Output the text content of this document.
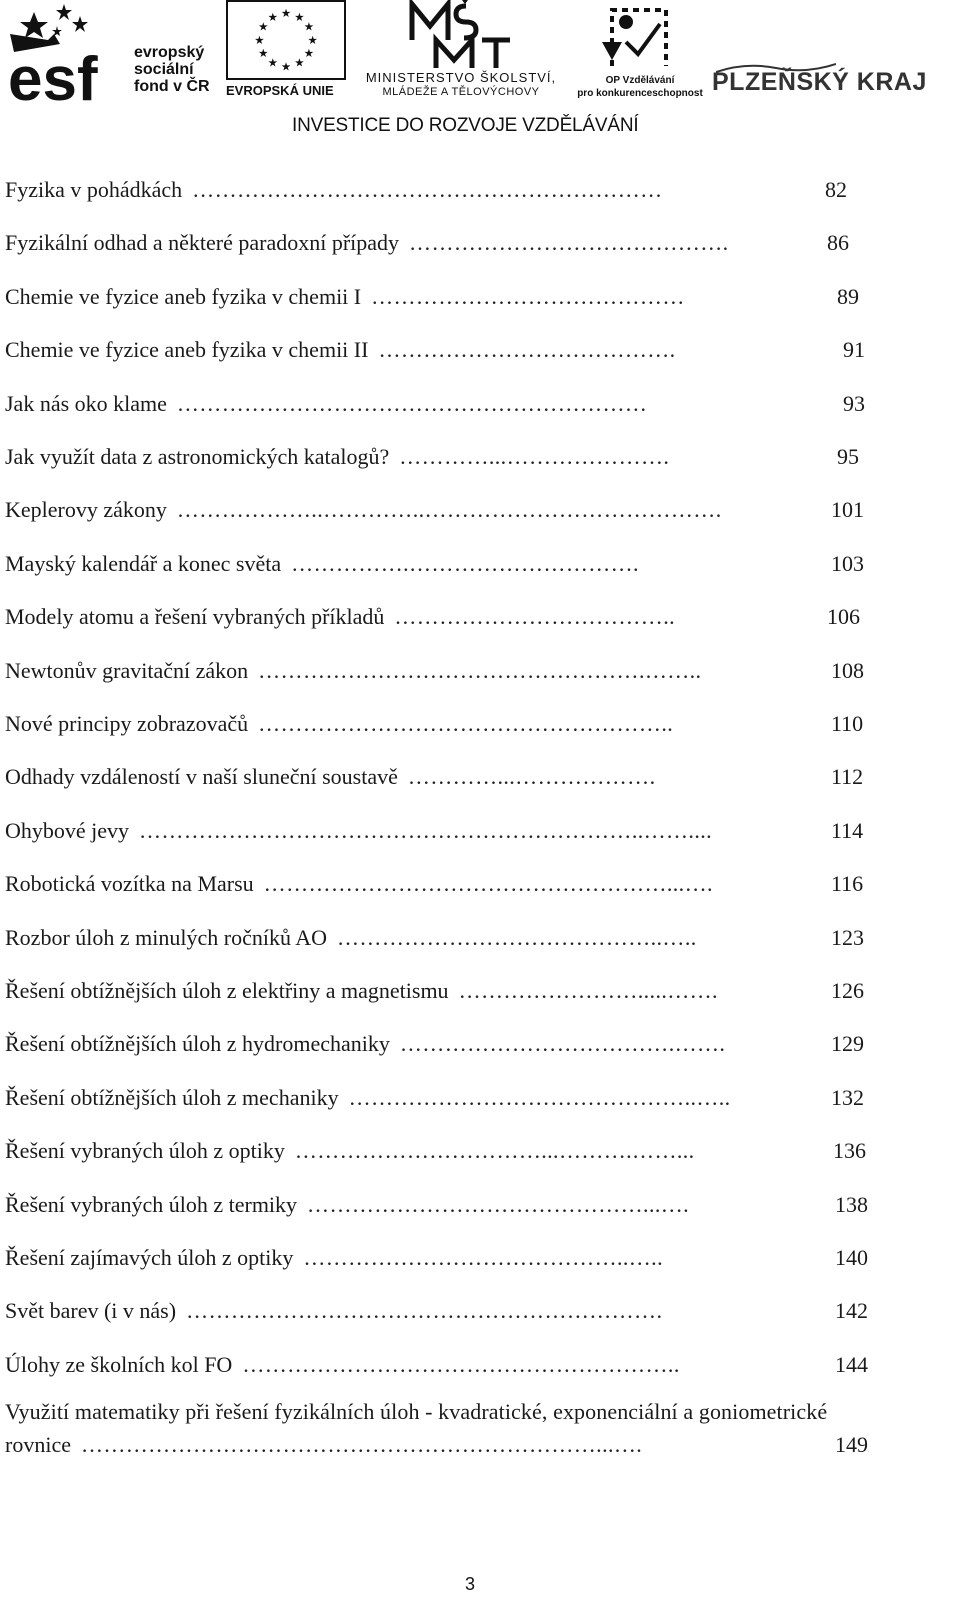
esf evropský
sociální
fond v ČR
★ ★
★
★
★
★
★
★
★
★
★
★
EVROPSKÁ UNIE
MINISTERSTVO ŠKOLSTVÍ,
MLÁDEŽE A TĚLOVÝCHOVY
OP Vzdělávání
pro konkurenceschopnost PLZEŇSKÝ KRAJ
INVESTICE DO ROZVOJE VZDĚLÁVÁNÍ
Fyzika v pohádkách ………………………………………………………	82
Fyzikální odhad a některé paradoxní případy …………………………………….	86
Chemie ve fyzice aneb fyzika v chemii I ……………………………………	89
Chemie ve fyzice aneb fyzika v chemii II ………………………………….	91
Jak nás oko klame ………………………………………………………	93
Jak využít data z astronomických katalogů? …………...………………….	95
Keplerovy zákony ………………..…………..………………………………….	101
Mayský kalendář a konec světa …………….………………………….	103
Modely atomu a řešení vybraných příkladů ………………………………..	106
Newtonův gravitační zákon …………………………………………….……..	108
Nové principy zobrazovačů ………………………………………………..	110
Odhady vzdáleností v naší sluneční soustavě …………...……………….	112
Ohybové jevy …………………………………………………………..……....	114
Robotická vozítka na Marsu ………………………………………………...….	116
Rozbor úloh z minulých ročníků AO ……………………………………..…..	123
Řešení obtížnějších úloh z elektřiny a magnetismu …………………….....…….	126
Řešení obtížnějších úloh z hydromechaniky ……………………………….…….	129
Řešení obtížnějších úloh z mechaniky ………………………………………..…..	132
Řešení vybraných úloh z optiky ……………………………...……….……...	136
Řešení vybraných úloh z termiky ………………………………………...….	138
Řešení zajímavých úloh z optiky ……………………………………..…..	140
Svět barev (i v nás) ……………………………………………………….	142
Úlohy ze školních kol FO …………………………………………………..	144
Využití matematiky při řešení fyzikálních úloh - kvadratické, exponenciální a goniometrické
rovnice ……………………………………………………………...….	149
3
